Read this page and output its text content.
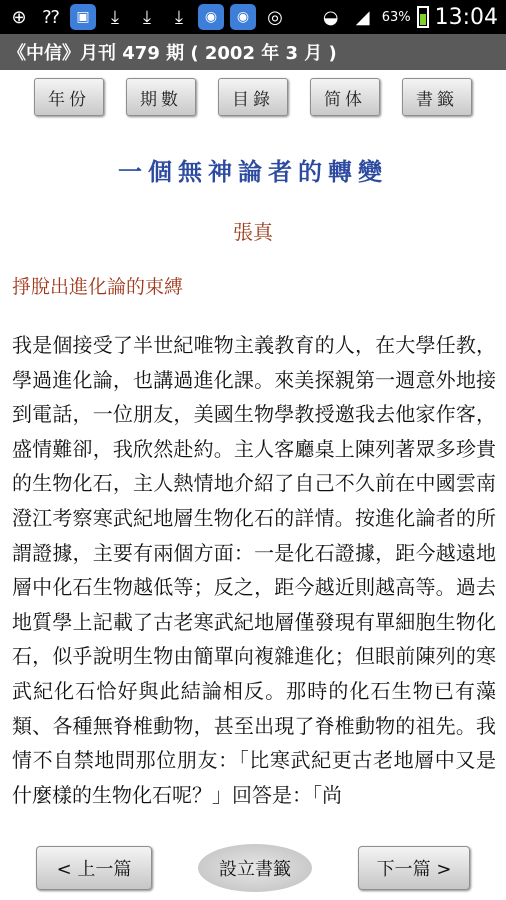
⊕ ⁇	▣	⤓	⤓	⤓	◉	◉	◎ ◒ ◢ 63% 13:04
《中信》月刊 479 期 ( 2002 年 3 月 )
年份	期數	目錄	简体	書籤
一個無神論者的轉變
張真
掙脫出進化論的束縛
我是個接受了半世紀唯物主義教育的人，在大學任教，學過進化論，也講過進化課。來美探親第一週意外地接到電話，一位朋友，美國生物學教授邀我去他家作客，盛情難卻，我欣然赴約。主人客廳桌上陳列著眾多珍貴的生物化石，主人熱情地介紹了自己不久前在中國雲南澄江考察寒武紀地層生物化石的詳情。按進化論者的所謂證據，主要有兩個方面：一是化石證據，距今越遠地層中化石生物越低等；反之，距今越近則越高等。過去地質學上記載了古老寒武紀地層僅發現有單細胞生物化石，似乎說明生物由簡單向複雜進化；但眼前陳列的寒武紀化石恰好與此結論相反。那時的化石生物已有藻類、各種無脊椎動物，甚至出現了脊椎動物的祖先。我情不自禁地問那位朋友：「比寒武紀更古老地層中又是什麼樣的生物化石呢？」回答是：「尚
< 上一篇	設立書籤	下一篇 >
